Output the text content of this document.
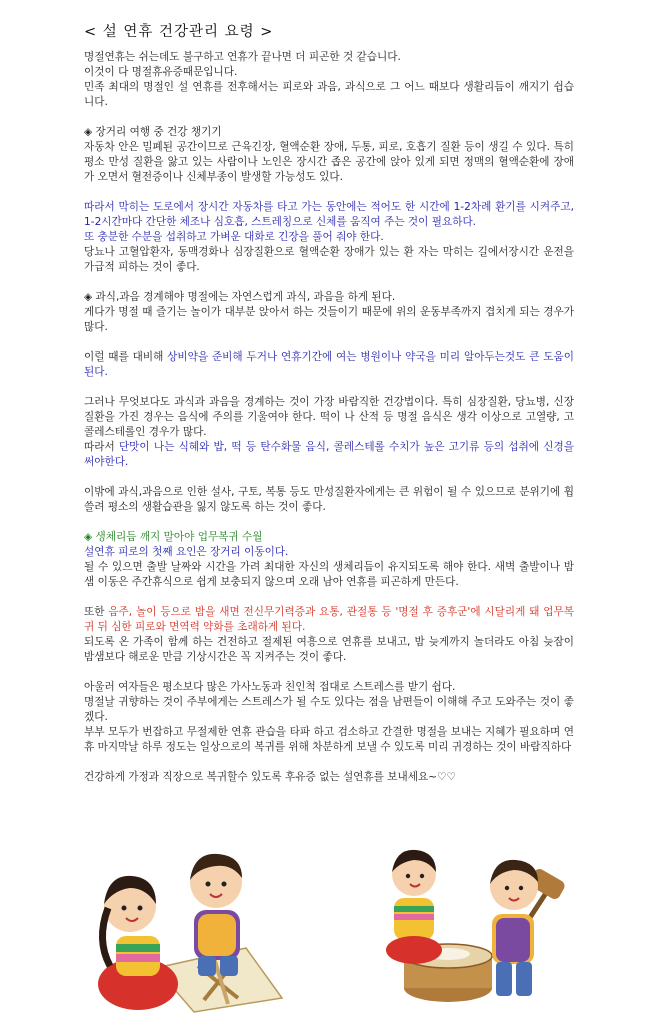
< 설 연휴 건강관리 요령 >
명절연휴는 쉬는데도 불구하고 연휴가 끝나면 더 피곤한 것 같습니다.
이것이 다 명절휴유증때문입니다.
민족 최대의 명절인 설 연휴를 전후해서는 피로와 과음, 과식으로 그 어느 때보다 생활리듬이 깨지기 쉽습니다.
◈ 장거리 여행 중 건강 챙기기
자동차 안은 밀폐된 공간이므로 근육긴장, 혈액순환 장애, 두통, 피로, 호흡기 질환 등이 생길 수 있다. 특히 평소 만성 질환을 앓고 있는 사람이나 노인은 장시간 좁은 공간에 앉아 있게 되면 정맥의 혈액순환에 장애가 오면서 혈전증이나 신체부종이 발생할 가능성도 있다.
따라서 막히는 도로에서 장시간 자동차를 타고 가는 동안에는 적어도 한 시간에 1-2차례 환기를 시켜주고, 1-2시간마다 간단한 체조나 심호흡, 스트레칭으로 신체를 움직여 주는 것이 필요하다.
또 충분한 수분을 섭취하고 가벼운 대화로 긴장을 풀어 줘야 한다.
당뇨나 고혈압환자, 동맥경화나 심장질환으로 혈액순환 장애가 있는 환 자는 막히는 길에서장시간 운전을 가급적 피하는 것이 좋다.
◈ 과식,과음 경계해야 명절에는 자연스럽게 과식, 과음을 하게 된다.
게다가 명절 때 즐기는 놀이가 대부분 앉아서 하는 것들이기 때문에 위의 운동부족까지 겹치게 되는 경우가 많다.
이럴 때를 대비해 상비약을 준비해 두거나 연휴기간에 여는 병원이나 약국을 미리 알아두는것도 큰 도움이 된다.
그러나 무엇보다도 과식과 과음을 경계하는 것이 가장 바람직한 건강법이다. 특히 심장질환, 당뇨병, 신장질환을 가진 경우는 음식에 주의를 기울여야 한다. 떡이 나 산적 등 명절 음식은 생각 이상으로 고열량, 고콜레스테롤인 경우가 많다.
따라서 단맛이 나는 식혜와 밥, 떡 등 탄수화물 음식, 콜레스테롤 수치가 높은 고기류 등의 섭취에 신경을 써야한다.
이밖에 과식,과음으로 인한 설사, 구토, 복통 등도 만성질환자에게는 큰 위험이 될 수 있으므로 분위기에 휩쓸려 평소의 생활습관을 잃지 않도록 하는 것이 좋다.
◈ 생체리듬 깨지 말아야 업무복귀 수월
설연휴 피로의 첫째 요인은 장거리 이동이다.
될 수 있으면 출발 날짜와 시간을 가려 최대한 자신의 생체리듬이 유지되도록 해야 한다. 새벽 출발이나 밤샘 이동은 주간휴식으로 쉽게 보충되지 않으며 오래 남아 연휴를 피곤하게 만든다.
또한 음주, 놀이 등으로 밤을 새면 전신무기력증과 요통, 관절통 등 '명절 후 증후군'에 시달리게 돼 업무복귀 뒤 심한 피로와 면역력 약화를 초래하게 된다.
되도록 온 가족이 함께 하는 건전하고 절제된 여흥으로 연휴를 보내고, 밤 늦게까지 놀더라도 아침 늦잠이 밤샘보다 해로운 만큼 기상시간은 꼭 지켜주는 것이 좋다.
아울러 여자들은 평소보다 많은 가사노동과 친인척 접대로 스트레스를 받기 쉽다.
명절날 귀향하는 것이 주부에게는 스트레스가 될 수도 있다는 점을 남편들이 이해해 주고 도와주는 것이 좋겠다.
부부 모두가 번잡하고 무절제한 연휴 관습을 타파 하고 검소하고 간결한 명절을 보내는 지혜가 필요하며 연휴 마지막날 하루 정도는 일상으로의 복귀를 위해 차분하게 보낼 수 있도록 미리 귀경하는 것이 바람직하다
건강하게 가정과 직장으로 복귀할수 있도록 후유증 없는 설연휴를 보내세요~♡♡
